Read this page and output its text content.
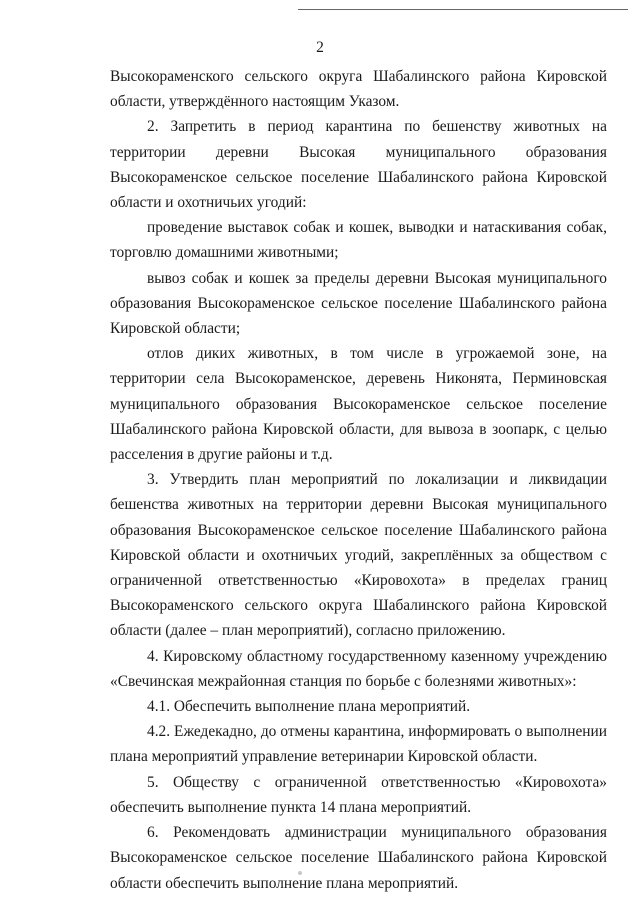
2

Высокораменского сельского округа Шабалинского района Кировской области, утверждённого настоящим Указом.

2. Запретить в период карантина по бешенству животных на территории деревни Высокая муниципального образования Высокораменское сельское поселение Шабалинского района Кировской области и охотничьих угодий:

проведение выставок собак и кошек, выводки и натаскивания собак, торговлю домашними животными;

вывоз собак и кошек за пределы деревни Высокая муниципального образования Высокораменское сельское поселение Шабалинского района Кировской области;

отлов диких животных, в том числе в угрожаемой зоне, на территории села Высокораменское, деревень Никонята, Перминовская муниципального образования Высокораменское сельское поселение Шабалинского района Кировской области, для вывоза в зоопарк, с целью расселения в другие районы и т.д.

3. Утвердить план мероприятий по локализации и ликвидации бешенства животных на территории деревни Высокая муниципального образования Высокораменское сельское поселение Шабалинского района Кировской области и охотничьих угодий, закреплённых за обществом с ограниченной ответственностью «Кировохота» в пределах границ Высокораменского сельского округа Шабалинского района Кировской области (далее – план мероприятий), согласно приложению.

4. Кировскому областному государственному казенному учреждению «Свечинская межрайонная станция по борьбе с болезнями животных»:

4.1. Обеспечить выполнение плана мероприятий.

4.2. Ежедекадно, до отмены карантина, информировать о выполнении плана мероприятий управление ветеринарии Кировской области.

5. Обществу с ограниченной ответственностью «Кировохота» обеспечить выполнение пункта 14 плана мероприятий.

6. Рекомендовать администрации муниципального образования Высокораменское сельское поселение Шабалинского района Кировской области обеспечить выполнение плана мероприятий.
